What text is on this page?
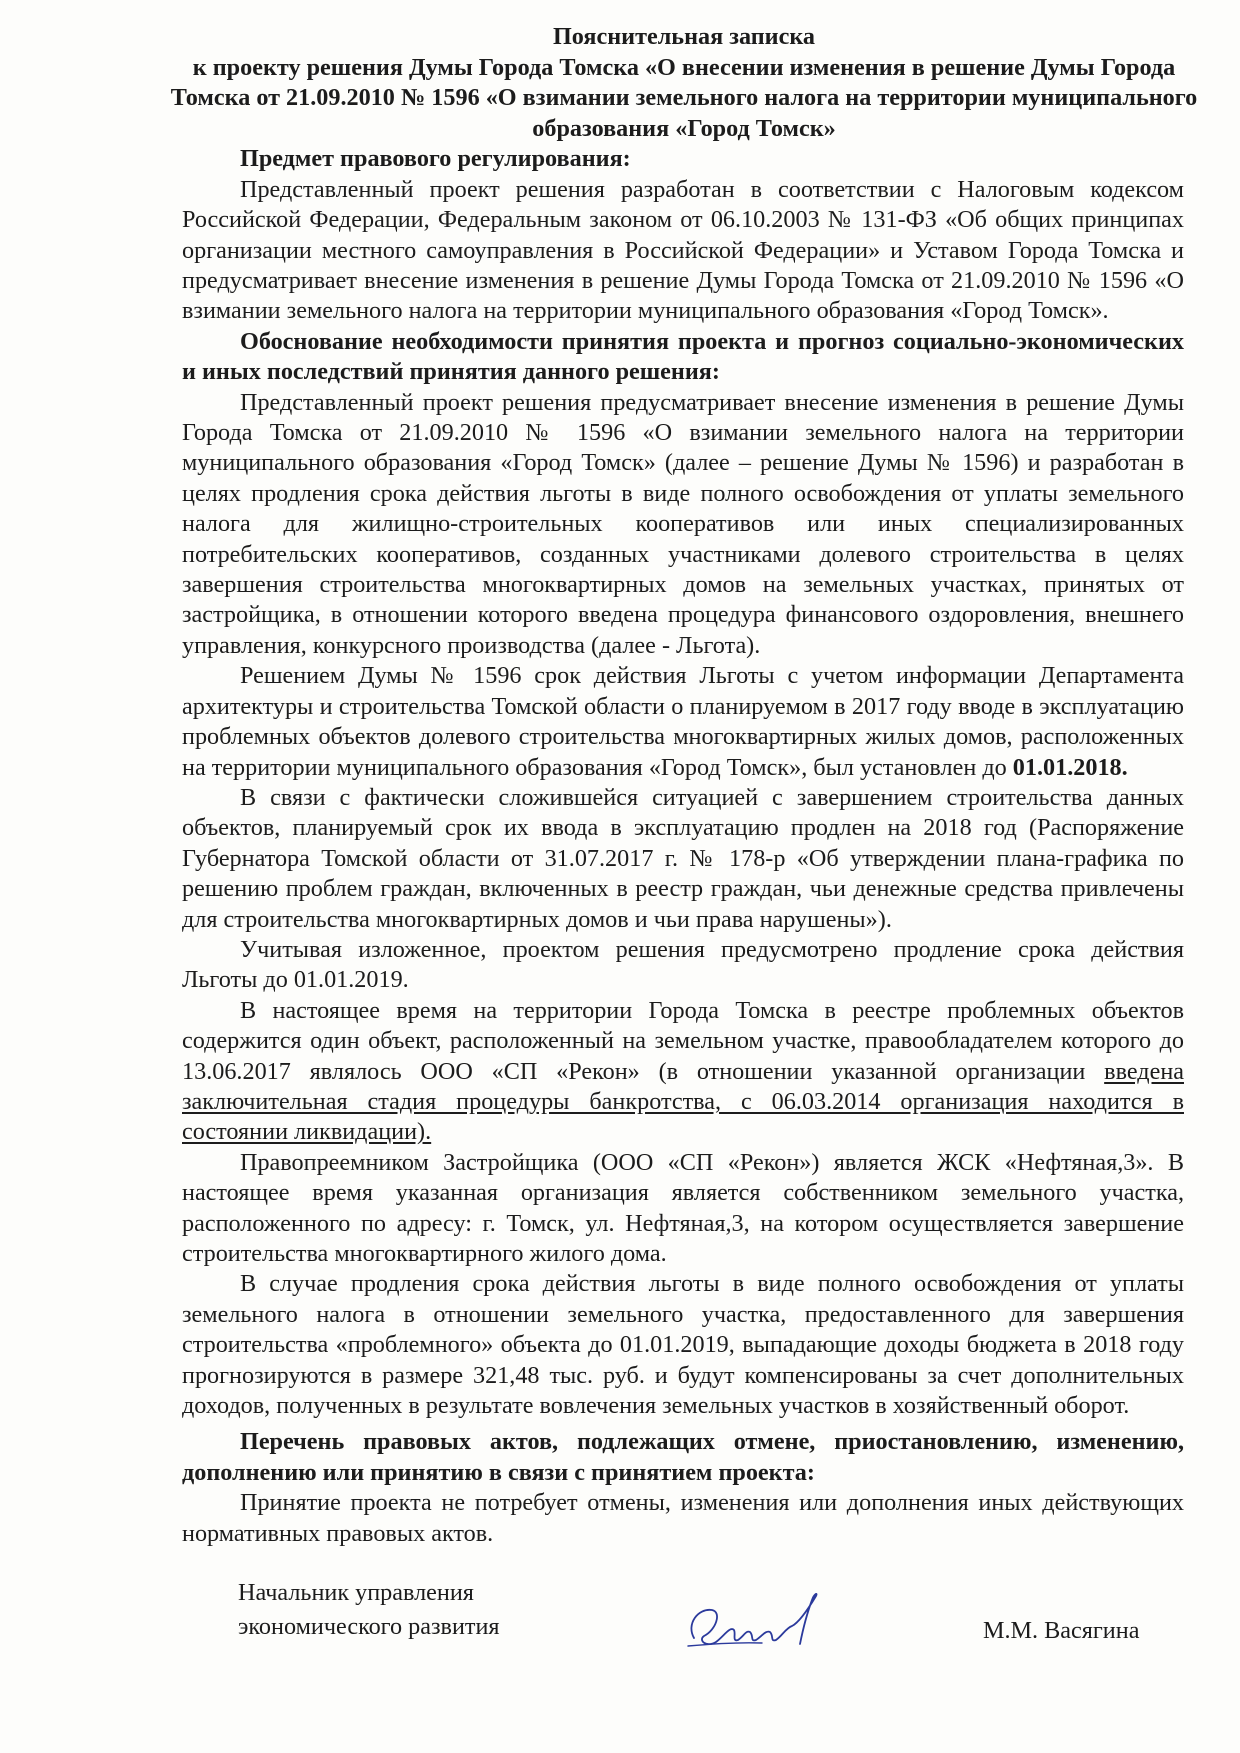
Пояснительная записка
к проекту решения Думы Города Томска «О внесении изменения в решение Думы Города Томска от 21.09.2010 № 1596 «О взимании земельного налога на территории муниципального образования «Город Томск»
Предмет правового регулирования:

Представленный проект решения разработан в соответствии с Налоговым кодексом Российской Федерации, Федеральным законом от 06.10.2003 № 131-ФЗ «Об общих принципах организации местного самоуправления в Российской Федерации» и Уставом Города Томска и предусматривает внесение изменения в решение Думы Города Томска от 21.09.2010 № 1596 «О взимании земельного налога на территории муниципального образования «Город Томск».

Обоснование необходимости принятия проекта и прогноз социально-экономических и иных последствий принятия данного решения:

Представленный проект решения предусматривает внесение изменения в решение Думы Города Томска от 21.09.2010 № 1596 «О взимании земельного налога на территории муниципального образования «Город Томск» (далее – решение Думы № 1596) и разработан в целях продления срока действия льготы в виде полного освобождения от уплаты земельного налога для жилищно-строительных кооперативов или иных специализированных потребительских кооперативов, созданных участниками долевого строительства в целях завершения строительства многоквартирных домов на земельных участках, принятых от застройщика, в отношении которого введена процедура финансового оздоровления, внешнего управления, конкурсного производства (далее - Льгота).

Решением Думы № 1596 срок действия Льготы с учетом информации Департамента архитектуры и строительства Томской области о планируемом в 2017 году вводе в эксплуатацию проблемных объектов долевого строительства многоквартирных жилых домов, расположенных на территории муниципального образования «Город Томск», был установлен до 01.01.2018.

В связи с фактически сложившейся ситуацией с завершением строительства данных объектов, планируемый срок их ввода в эксплуатацию продлен на 2018 год (Распоряжение Губернатора Томской области от 31.07.2017 г. № 178-р «Об утверждении плана-графика по решению проблем граждан, включенных в реестр граждан, чьи денежные средства привлечены для строительства многоквартирных домов и чьи права нарушены»).

Учитывая изложенное, проектом решения предусмотрено продление срока действия Льготы до 01.01.2019.

В настоящее время на территории Города Томска в реестре проблемных объектов содержится один объект, расположенный на земельном участке, правообладателем которого до 13.06.2017 являлось ООО «СП «Рекон» (в отношении указанной организации введена заключительная стадия процедуры банкротства, с 06.03.2014 организация находится в состоянии ликвидации).

Правопреемником Застройщика (ООО «СП «Рекон») является ЖСК «Нефтяная,3». В настоящее время указанная организация является собственником земельного участка, расположенного по адресу: г. Томск, ул. Нефтяная,3, на котором осуществляется завершение строительства многоквартирного жилого дома.

В случае продления срока действия льготы в виде полного освобождения от уплаты земельного налога в отношении земельного участка, предоставленного для завершения строительства «проблемного» объекта до 01.01.2019, выпадающие доходы бюджета в 2018 году прогнозируются в размере 321,48 тыс. руб. и будут компенсированы за счет дополнительных доходов, полученных в результате вовлечения земельных участков в хозяйственный оборот.

Перечень правовых актов, подлежащих отмене, приостановлению, изменению, дополнению или принятию в связи с принятием проекта:

Принятие проекта не потребует отмены, изменения или дополнения иных действующих нормативных правовых актов.

Начальник управления
экономического развития	М.М. Васягина
